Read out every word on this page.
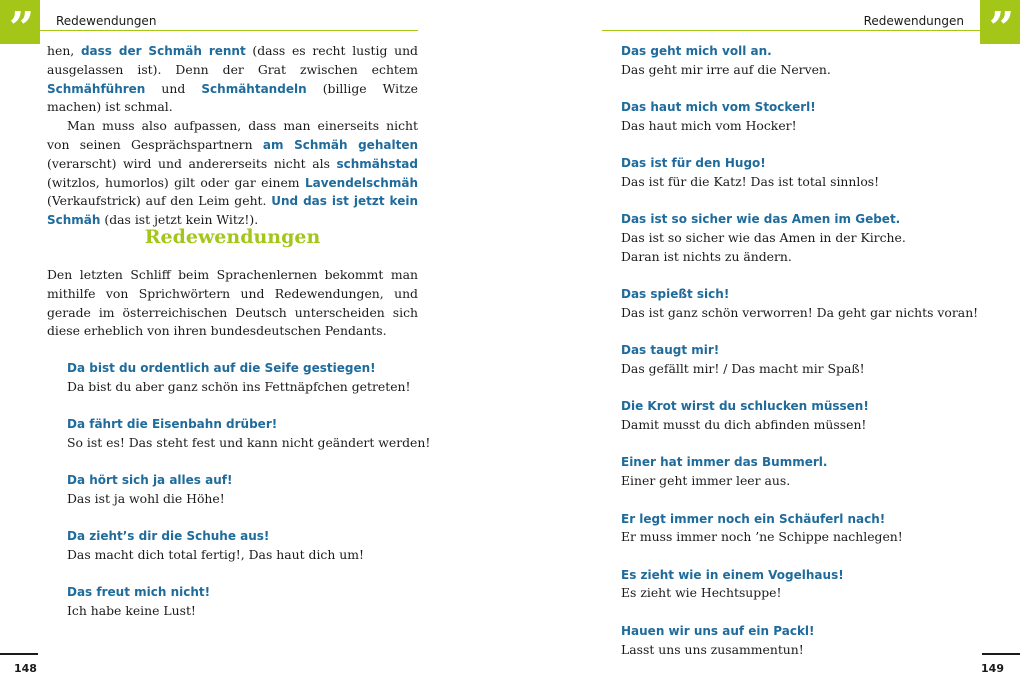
” Redewendungen

hen, dass der Schmäh rennt (dass es recht lustig und ausgelassen ist). Denn der Grat zwischen echtem Schmähführen und Schmähtandeln (billige Witze machen) ist schmal.

Man muss also aufpassen, dass man einerseits nicht von seinen Gesprächspartnern am Schmäh gehalten (verarscht) wird und andererseits nicht als schmähstad (witzlos, humorlos) gilt oder gar einem Lavendelschmäh (Verkaufstrick) auf den Leim geht. Und das ist jetzt kein Schmäh (das ist jetzt kein Witz!).

Redewendungen

Den letzten Schliff beim Sprachenlernen bekommt man mithilfe von Sprichwörtern und Redewendungen, und gerade im österreichischen Deutsch unterscheiden sich diese erheblich von ihren bundesdeutschen Pendants.

Da bist du ordentlich auf die Seife gestiegen!
Da bist du aber ganz schön ins Fettnäpfchen getreten!
Da fährt die Eisenbahn drüber!
So ist es! Das steht fest und kann nicht geändert werden!
Da hört sich ja alles auf!
Das ist ja wohl die Höhe!
Da zieht’s dir die Schuhe aus!
Das macht dich total fertig!, Das haut dich um!
Das freut mich nicht!
Ich habe keine Lust!
148
”
Redewendungen
Das geht mich voll an.
Das geht mir irre auf die Nerven.
Das haut mich vom Stockerl!
Das haut mich vom Hocker!
Das ist für den Hugo!
Das ist für die Katz! Das ist total sinnlos!
Das ist so sicher wie das Amen im Gebet.
Das ist so sicher wie das Amen in der Kirche.
Daran ist nichts zu ändern.
Das spießt sich!
Das ist ganz schön verworren! Da geht gar nichts voran!
Das taugt mir!
Das gefällt mir! / Das macht mir Spaß!
Die Krot wirst du schlucken müssen!
Damit musst du dich abfinden müssen!
Einer hat immer das Bummerl.
Einer geht immer leer aus.
Er legt immer noch ein Schäuferl nach!
Er muss immer noch ’ne Schippe nachlegen!
Es zieht wie in einem Vogelhaus!
Es zieht wie Hechtsuppe!
Hauen wir uns auf ein Packl!
Lasst uns uns zusammentun!
149
